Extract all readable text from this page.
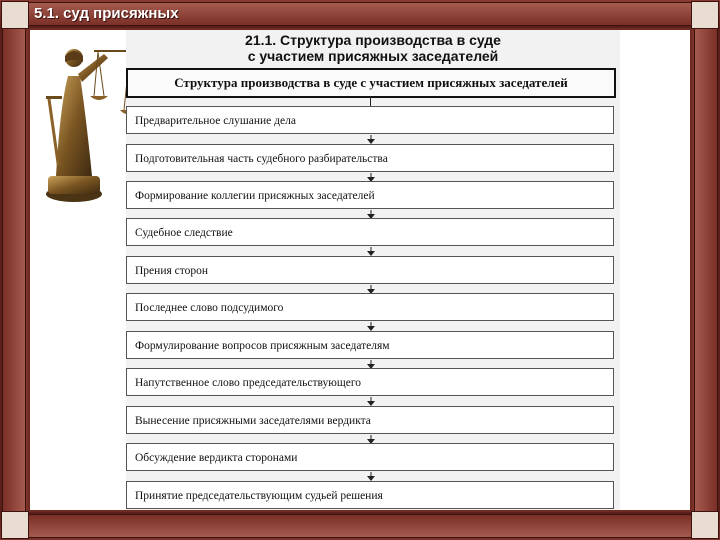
5.1. суд присяжных
21.1. Структура производства в суде
с участием присяжных заседателей
Структура производства в суде с участием присяжных заседателей
Предварительное слушание дела
Подготовительная часть судебного разбирательства
Формирование коллегии присяжных заседателей
Судебное следствие
Прения сторон
Последнее слово подсудимого
Формулирование вопросов присяжным заседателям
Напутственное слово председательствующего
Вынесение присяжными заседателями вердикта
Обсуждение вердикта сторонами
Принятие председательствующим судьей решения
